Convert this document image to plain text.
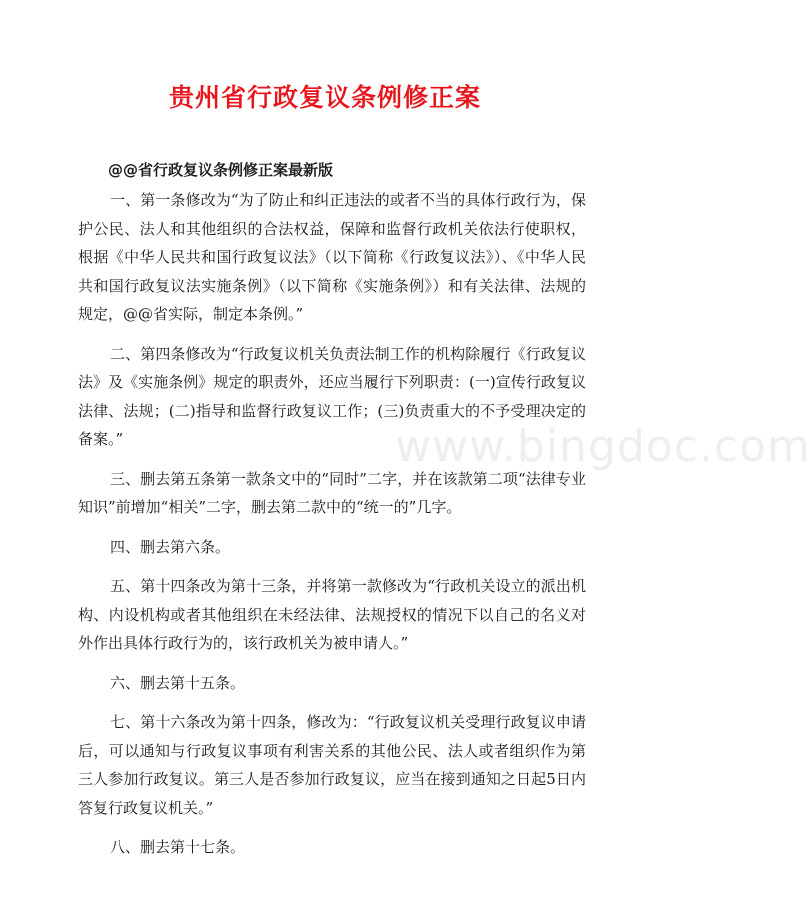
贵州省行政复议条例修正案
@@省行政复议条例修正案最新版

一、第一条修改为“为了防止和纠正违法的或者不当的具体行政行为，保护公民、法人和其他组织的合法权益，保障和监督行政机关依法行使职权，根据《中华人民共和国行政复议法》（以下简称《行政复议法》）、《中华人民共和国行政复议法实施条例》（以下简称《实施条例》）和有关法律、法规的规定，@@省实际，制定本条例。”

二、第四条修改为“行政复议机关负责法制工作的机构除履行《行政复议法》及《实施条例》规定的职责外，还应当履行下列职责：(一)宣传行政复议法律、法规；(二)指导和监督行政复议工作；(三)负责重大的不予受理决定的备案。”

三、删去第五条第一款条文中的“同时”二字，并在该款第二项“法律专业知识”前增加“相关”二字，删去第二款中的“统一的”几字。

四、删去第六条。

五、第十四条改为第十三条，并将第一款修改为“行政机关设立的派出机构、内设机构或者其他组织在未经法律、法规授权的情况下以自己的名义对外作出具体行政行为的，该行政机关为被申请人。”

六、删去第十五条。

七、第十六条改为第十四条，修改为：“行政复议机关受理行政复议申请后，可以通知与行政复议事项有利害关系的其他公民、法人或者组织作为第三人参加行政复议。第三人是否参加行政复议，应当在接到通知之日起5日内答复行政复议机关。”

八、删去第十七条。

www.bingdoc.com
